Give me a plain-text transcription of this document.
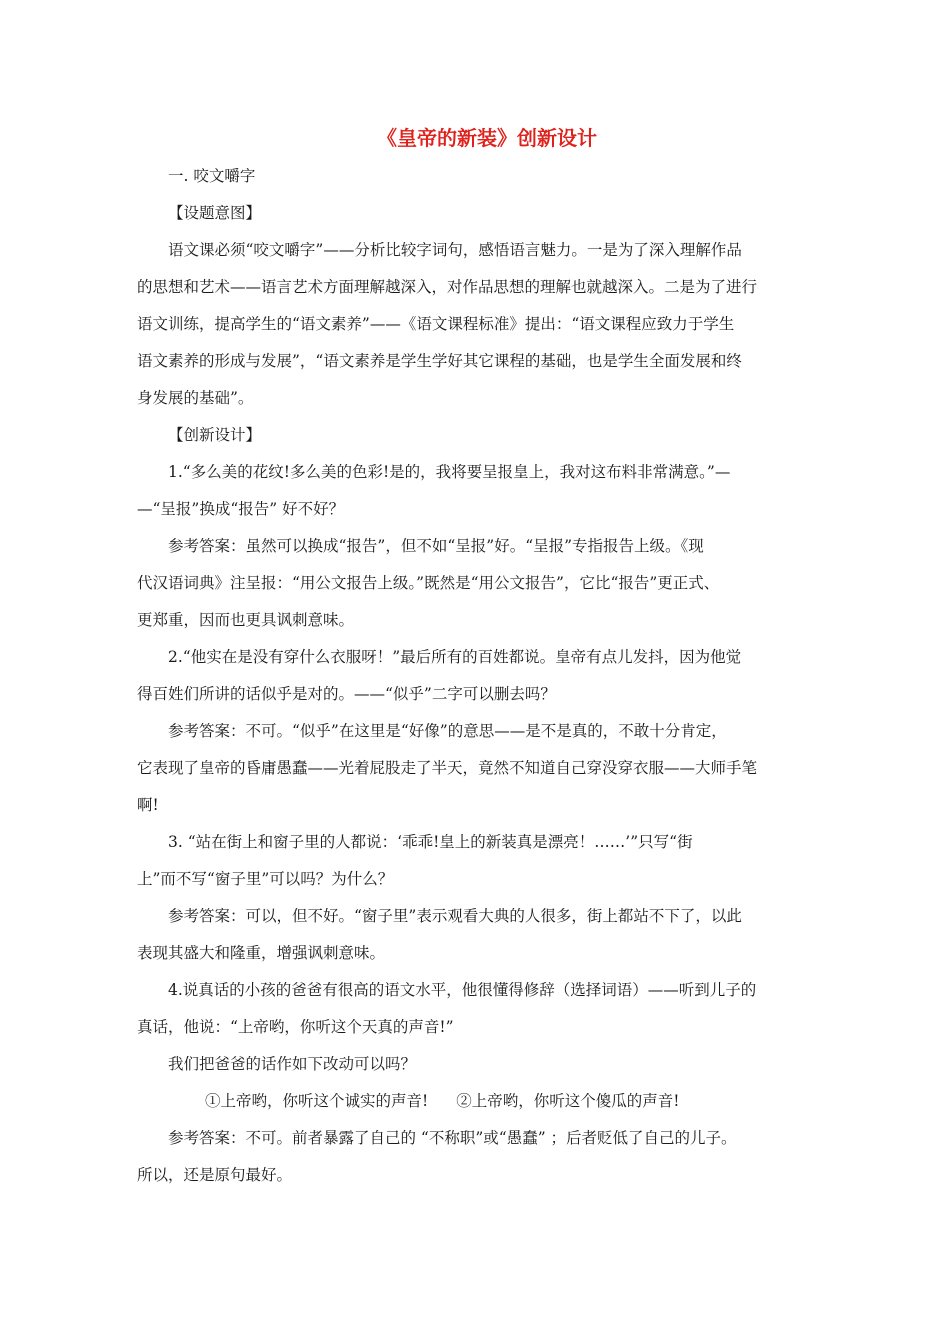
《皇帝的新装》创新设计

一. 咬文嚼字

【设题意图】

语文课必须“咬文嚼字”——分析比较字词句，感悟语言魅力。一是为了深入理解作品
的思想和艺术——语言艺术方面理解越深入，对作品思想的理解也就越深入。二是为了进行
语文训练，提高学生的“语文素养”——《语文课程标准》提出：“语文课程应致力于学生
语文素养的形成与发展”，“语文素养是学生学好其它课程的基础，也是学生全面发展和终
身发展的基础”。

【创新设计】

1.“多么美的花纹!多么美的色彩!是的，我将要呈报皇上，我对这布料非常满意。”—
—“呈报”换成“报告” 好不好？
参考答案：虽然可以换成“报告”，但不如“呈报”好。“呈报”专指报告上级。《现
代汉语词典》注呈报：“用公文报告上级。”既然是“用公文报告”，它比“报告”更正式、
更郑重，因而也更具讽刺意味。
2.“他实在是没有穿什么衣服呀！”最后所有的百姓都说。皇帝有点儿发抖，因为他觉
得百姓们所讲的话似乎是对的。——“似乎”二字可以删去吗？
参考答案：不可。“似乎”在这里是“好像”的意思——是不是真的，不敢十分肯定，
它表现了皇帝的昏庸愚蠢——光着屁股走了半天，竟然不知道自己穿没穿衣服——大师手笔
啊!
3. “站在街上和窗子里的人都说：‘乖乖!皇上的新装真是漂亮！……’”只写“街
上”而不写“窗子里”可以吗？为什么？
参考答案：可以，但不好。“窗子里”表示观看大典的人很多，街上都站不下了，以此
表现其盛大和隆重，增强讽刺意味。
4.说真话的小孩的爸爸有很高的语文水平，他很懂得修辞（选择词语）——听到儿子的
真话，他说：“上帝哟，你听这个天真的声音!”

我们把爸爸的话作如下改动可以吗？

①上帝哟，你听这个诚实的声音! ②上帝哟，你听这个傻瓜的声音!

参考答案：不可。前者暴露了自己的 “不称职”或“愚蠢” ；后者贬低了自己的儿子。
所以，还是原句最好。
